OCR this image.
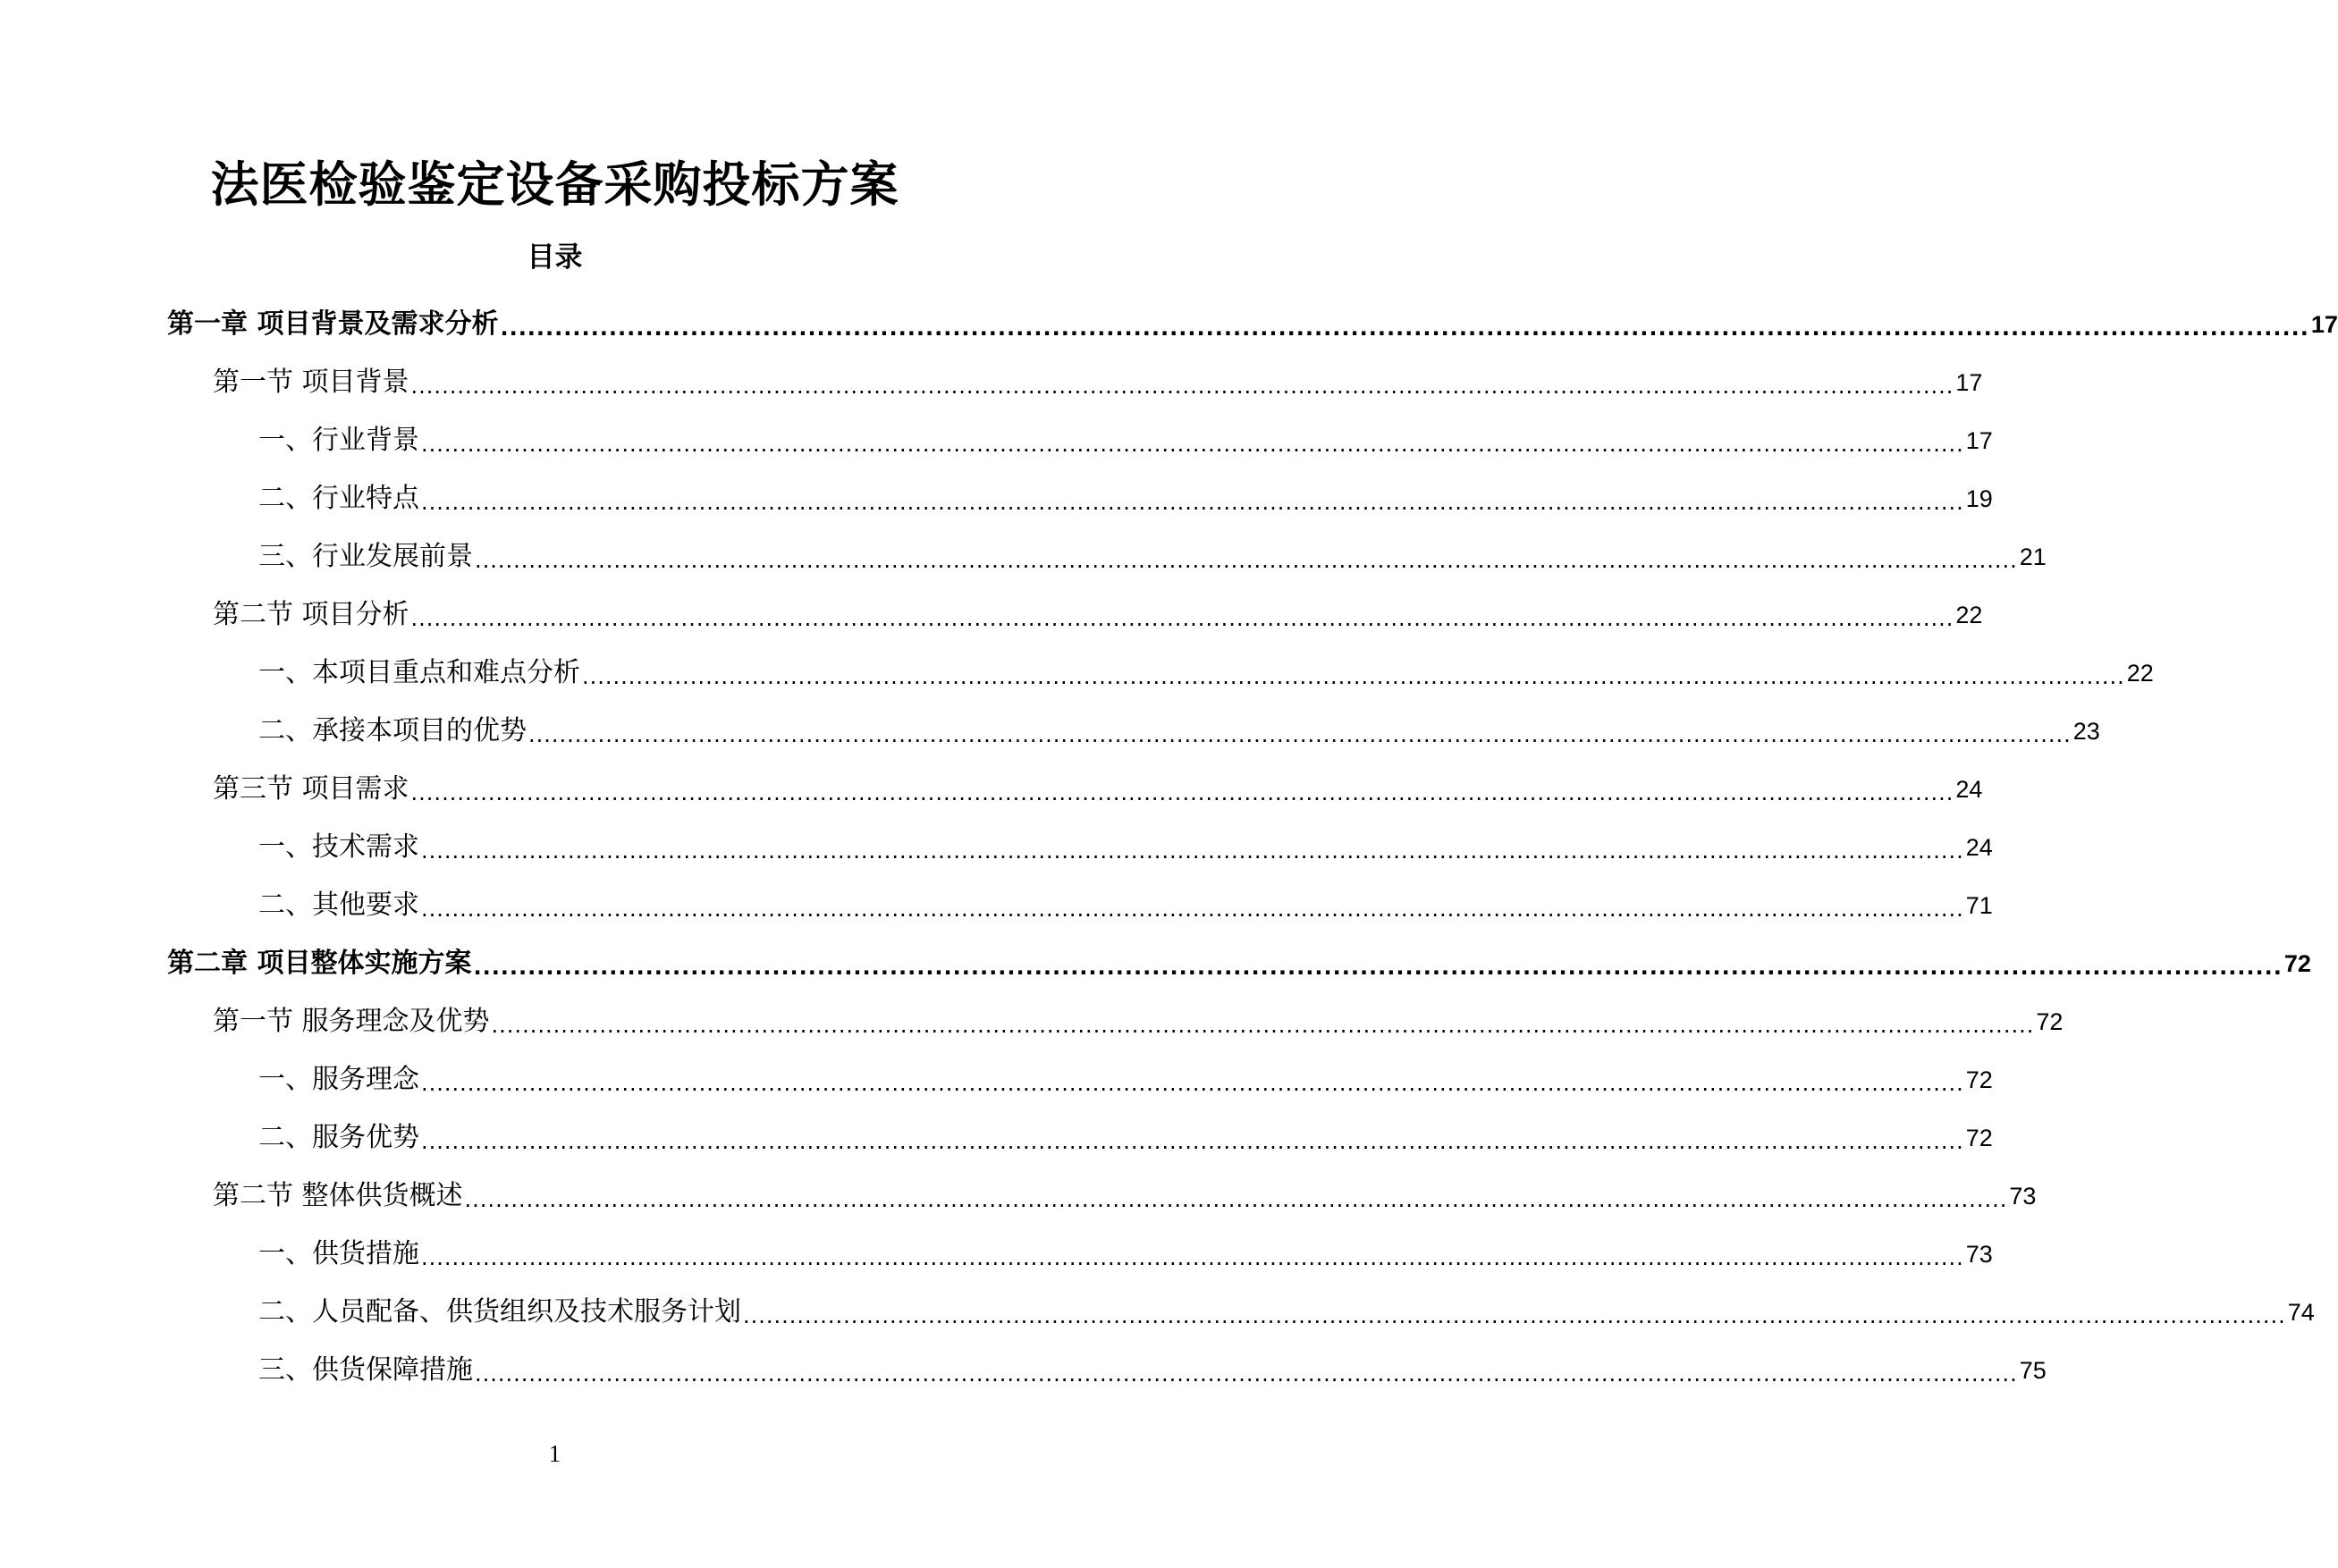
法医检验鉴定设备采购投标方案
目录
第一章 项目背景及需求分析 ........................................................................................................................................................................................................ 17
第一节 项目背景 ........................................................................................................................................................................................................ 17
一、行业背景 ........................................................................................................................................................................................................ 17
二、行业特点 ........................................................................................................................................................................................................ 19
三、行业发展前景 ........................................................................................................................................................................................................ 21
第二节 项目分析 ........................................................................................................................................................................................................ 22
一、本项目重点和难点分析 ........................................................................................................................................................................................................ 22
二、承接本项目的优势 ........................................................................................................................................................................................................ 23
第三节 项目需求 ........................................................................................................................................................................................................ 24
一、技术需求 ........................................................................................................................................................................................................ 24
二、其他要求 ........................................................................................................................................................................................................ 71
第二章 项目整体实施方案 ........................................................................................................................................................................................................ 72
第一节 服务理念及优势 ........................................................................................................................................................................................................ 72
一、服务理念 ........................................................................................................................................................................................................ 72
二、服务优势 ........................................................................................................................................................................................................ 72
第二节 整体供货概述 ........................................................................................................................................................................................................ 73
一、供货措施 ........................................................................................................................................................................................................ 73
二、人员配备、供货组织及技术服务计划 ........................................................................................................................................................................................................ 74
三、供货保障措施 ........................................................................................................................................................................................................ 75
1
